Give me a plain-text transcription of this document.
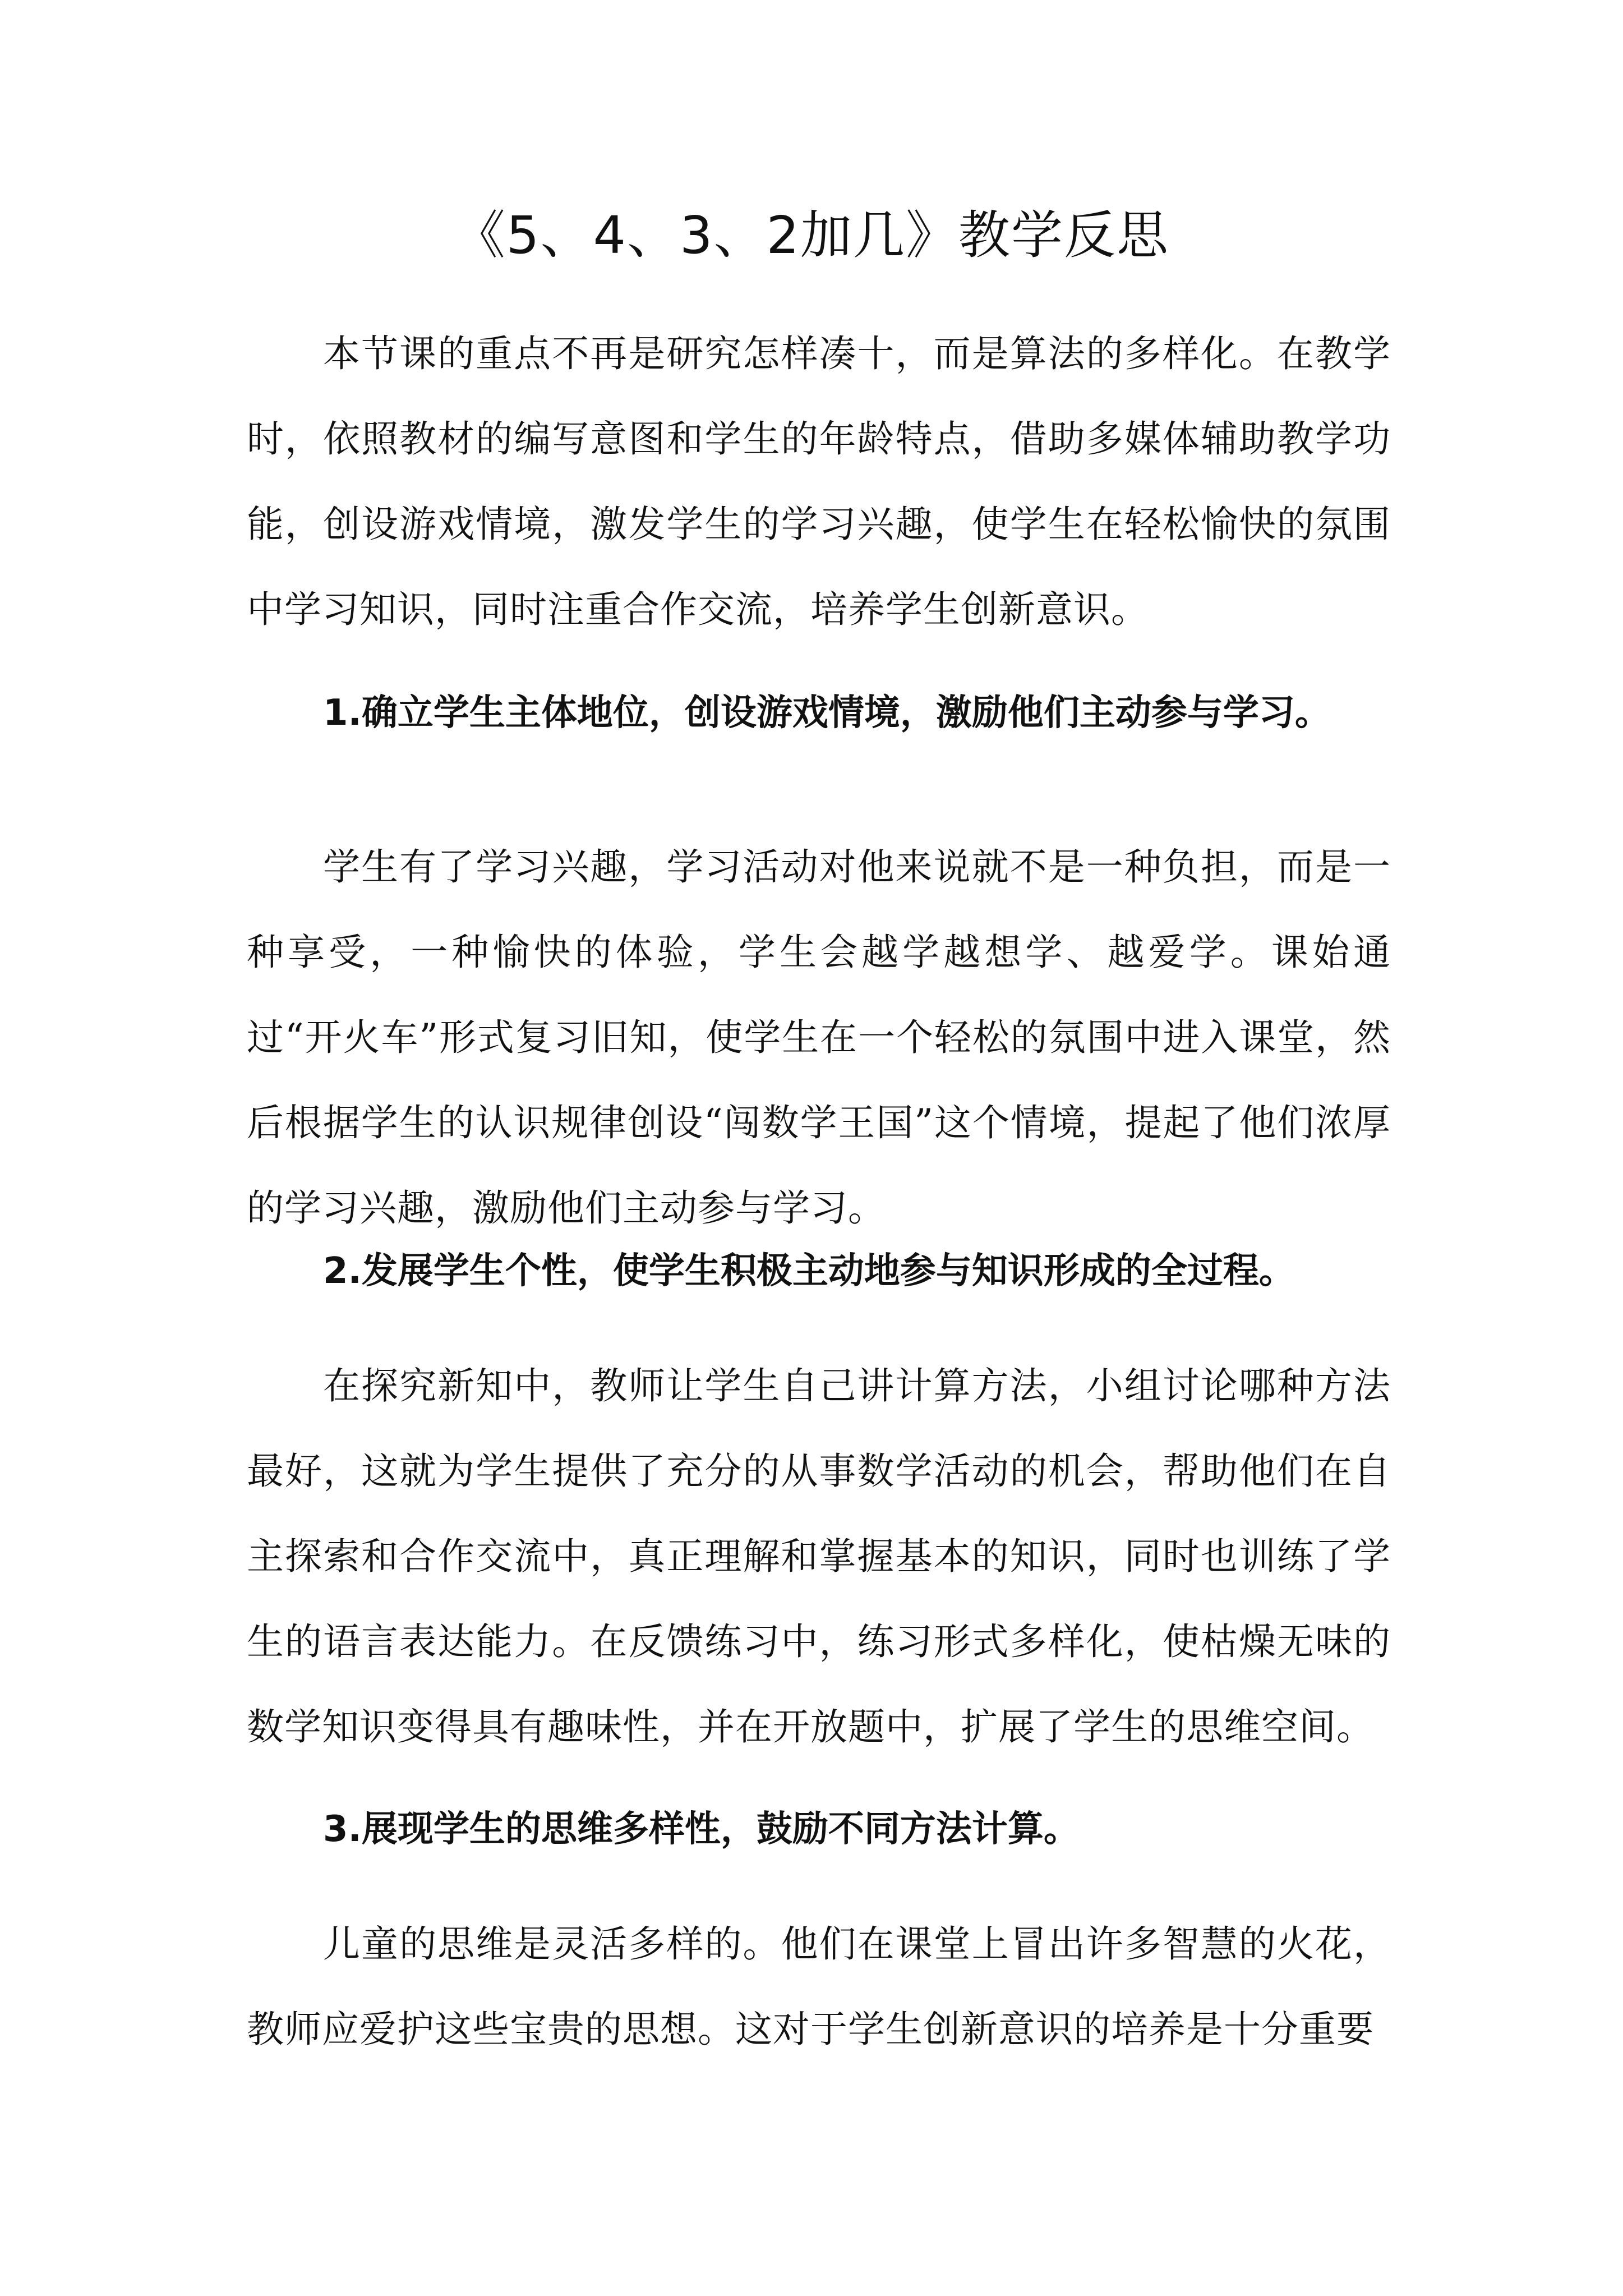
《5、4、3、2加几》教学反思

本节课的重点不再是研究怎样凑十，而是算法的多样化。在教学时，依照教材的编写意图和学生的年龄特点，借助多媒体辅助教学功能，创设游戏情境，激发学生的学习兴趣，使学生在轻松愉快的氛围中学习知识，同时注重合作交流，培养学生创新意识。

1.确立学生主体地位，创设游戏情境，激励他们主动参与学习。

学生有了学习兴趣，学习活动对他来说就不是一种负担，而是一种享受，一种愉快的体验，学生会越学越想学、越爱学。课始通过“开火车”形式复习旧知，使学生在一个轻松的氛围中进入课堂，然后根据学生的认识规律创设“闯数学王国”这个情境，提起了他们浓厚的学习兴趣，激励他们主动参与学习。

2.发展学生个性，使学生积极主动地参与知识形成的全过程。

在探究新知中，教师让学生自己讲计算方法，小组讨论哪种方法最好，这就为学生提供了充分的从事数学活动的机会，帮助他们在自主探索和合作交流中，真正理解和掌握基本的知识，同时也训练了学生的语言表达能力。在反馈练习中，练习形式多样化，使枯燥无味的数学知识变得具有趣味性，并在开放题中，扩展了学生的思维空间。

3.展现学生的思维多样性，鼓励不同方法计算。

儿童的思维是灵活多样的。他们在课堂上冒出许多智慧的火花，教师应爱护这些宝贵的思想。这对于学生创新意识的培养是十分重要
